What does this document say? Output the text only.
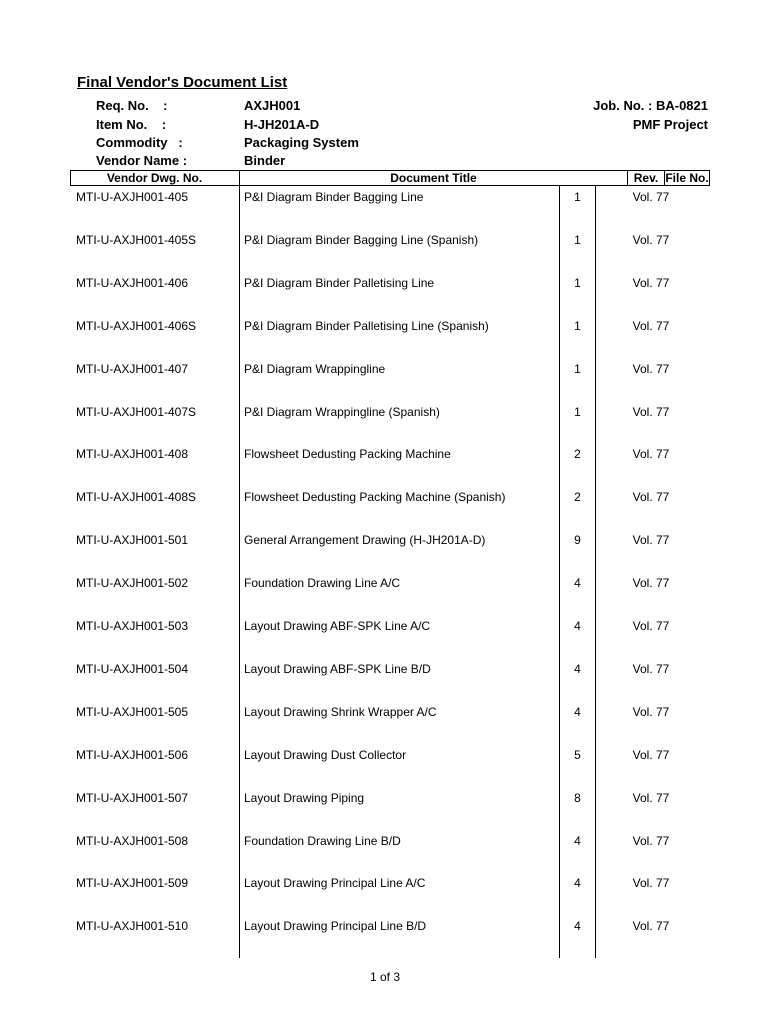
Final Vendor's Document List
Req. No.    :	AXJH001	Job. No. : BA-0821
Item No.    :	H-JH201A-D	PMF Project
Commodity   :	Packaging System
Vendor Name :	Binder
Vendor Dwg. No.	Document Title	Rev. File No.
MTI-U-AXJH001-405	P&I Diagram Binder Bagging Line	1	Vol. 77
MTI-U-AXJH001-405S	P&I Diagram Binder Bagging Line (Spanish)	1	Vol. 77
MTI-U-AXJH001-406	P&I Diagram Binder Palletising Line	1	Vol. 77
MTI-U-AXJH001-406S	P&I Diagram Binder Palletising Line (Spanish)	1	Vol. 77
MTI-U-AXJH001-407	P&I Diagram Wrappingline	1	Vol. 77
MTI-U-AXJH001-407S	P&I Diagram Wrappingline (Spanish)	1	Vol. 77
MTI-U-AXJH001-408	Flowsheet Dedusting Packing Machine	2	Vol. 77
MTI-U-AXJH001-408S	Flowsheet Dedusting Packing Machine (Spanish)	2	Vol. 77
MTI-U-AXJH001-501	General Arrangement Drawing (H-JH201A-D)	9	Vol. 77
MTI-U-AXJH001-502	Foundation Drawing Line A/C	4	Vol. 77
MTI-U-AXJH001-503	Layout Drawing ABF-SPK Line A/C	4	Vol. 77
MTI-U-AXJH001-504	Layout Drawing ABF-SPK Line B/D	4	Vol. 77
MTI-U-AXJH001-505	Layout Drawing Shrink Wrapper A/C	4	Vol. 77
MTI-U-AXJH001-506	Layout Drawing Dust Collector	5	Vol. 77
MTI-U-AXJH001-507	Layout Drawing Piping	8	Vol. 77
MTI-U-AXJH001-508	Foundation Drawing Line B/D	4	Vol. 77
MTI-U-AXJH001-509	Layout Drawing Principal Line A/C	4	Vol. 77
MTI-U-AXJH001-510	Layout Drawing Principal Line B/D	4	Vol. 77
1 of 3
